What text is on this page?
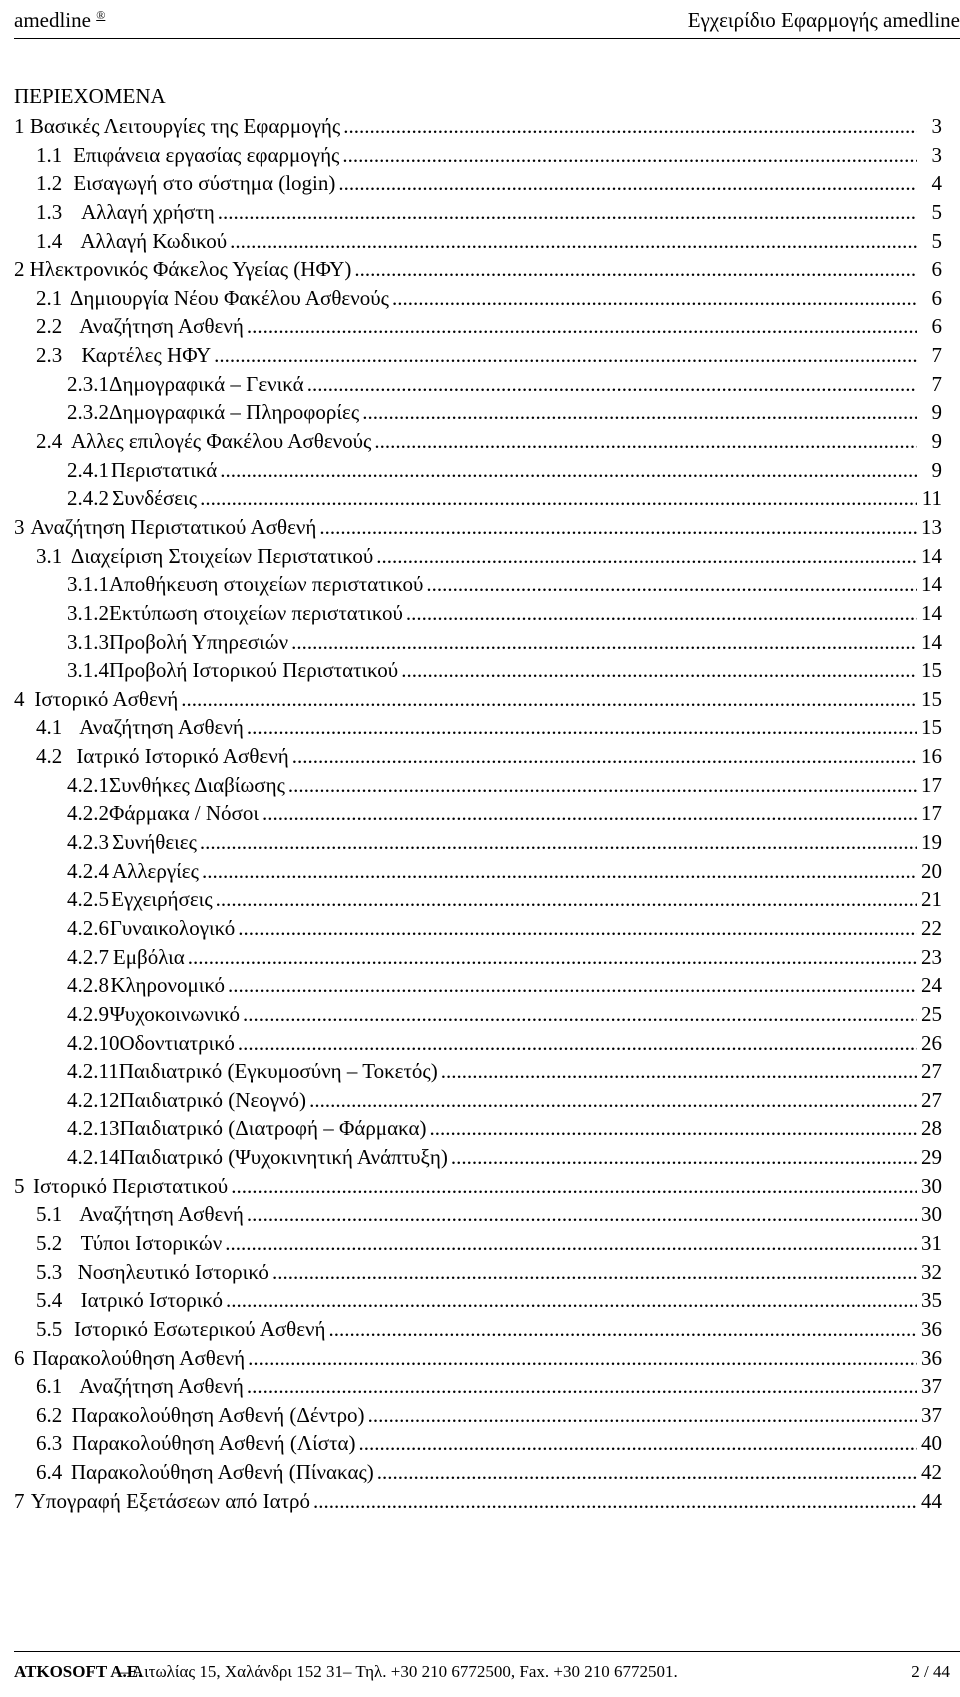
amedline ®	Εγχειρίδιο Εφαρμογής amedline
ΠΕΡΙΕΧΟΜΕΝΑ
1 Βασικές Λειτουργίες της Εφαρμογής .....	3
1.1 Επιφάνεια εργασίας εφαρμογής .....	3
1.2 Εισαγωγή στο σύστημα (login) .....	4
1.3 Αλλαγή χρήστη .....	5
1.4 Αλλαγή Κωδικού .....	5
2 Ηλεκτρονικός Φάκελος Υγείας (ΗΦΥ) .....	6
2.1 Δημιουργία Νέου Φακέλου Ασθενούς .....	6
2.2 Αναζήτηση Ασθενή .....	6
2.3 Καρτέλες ΗΦΥ .....	7
2.3.1 Δημογραφικά – Γενικά .....	7
2.3.2 Δημογραφικά – Πληροφορίες .....	9
2.4 Αλλες επιλογές Φακέλου Ασθενούς .....	9
2.4.1 Περιστατικά .....	9
2.4.2 Συνδέσεις .....	11
3 Αναζήτηση Περιστατικού Ασθενή .....	13
3.1 Διαχείριση Στοιχείων Περιστατικού .....	14
3.1.1 Αποθήκευση στοιχείων περιστατικού .....	14
3.1.2 Εκτύπωση στοιχείων περιστατικού .....	14
3.1.3 Προβολή Υπηρεσιών .....	14
3.1.4 Προβολή Ιστορικού Περιστατικού .....	15
4 Ιστορικό Ασθενή .....	15
4.1 Αναζήτηση Ασθενή .....	15
4.2 Ιατρικό Ιστορικό Ασθενή .....	16
4.2.1 Συνθήκες Διαβίωσης .....	17
4.2.2 Φάρμακα / Νόσοι .....	17
4.2.3 Συνήθειες .....	19
4.2.4 Αλλεργίες .....	20
4.2.5 Εγχειρήσεις .....	21
4.2.6 Γυναικολογικό .....	22
4.2.7 Εμβόλια .....	23
4.2.8 Κληρονομικό .....	24
4.2.9 Ψυχοκοινωνικό .....	25
4.2.10 Οδοντιατρικό .....	26
4.2.11 Παιδιατρικό (Εγκυμοσύνη – Τοκετός) .....	27
4.2.12 Παιδιατρικό (Νεογνό) .....	27
4.2.13 Παιδιατρικό (Διατροφή – Φάρμακα) .....	28
4.2.14 Παιδιατρικό (Ψυχοκινητική Ανάπτυξη) .....	29
5 Ιστορικό Περιστατικού .....	30
5.1 Αναζήτηση Ασθενή .....	30
5.2 Τύποι Ιστορικών .....	31
5.3 Νοσηλευτικό Ιστορικό .....	32
5.4 Ιατρικό Ιστορικό .....	35
5.5 Ιστορικό Εσωτερικού Ασθενή .....	36
6 Παρακολούθηση Ασθενή .....	36
6.1 Αναζήτηση Ασθενή .....	37
6.2 Παρακολούθηση Ασθενή (Δέντρο) .....	37
6.3 Παρακολούθηση Ασθενή (Λίστα) .....	40
6.4 Παρακολούθηση Ασθενή (Πίνακας) .....	42
7 Υπογραφή Εξετάσεων από Ιατρό .....	44
ATKOSOFT A.E.
– Αιτωλίας 15, Χαλάνδρι 152 31– Τηλ. +30 210 6772500, Fax. +30 210 6772501.	2 / 44
